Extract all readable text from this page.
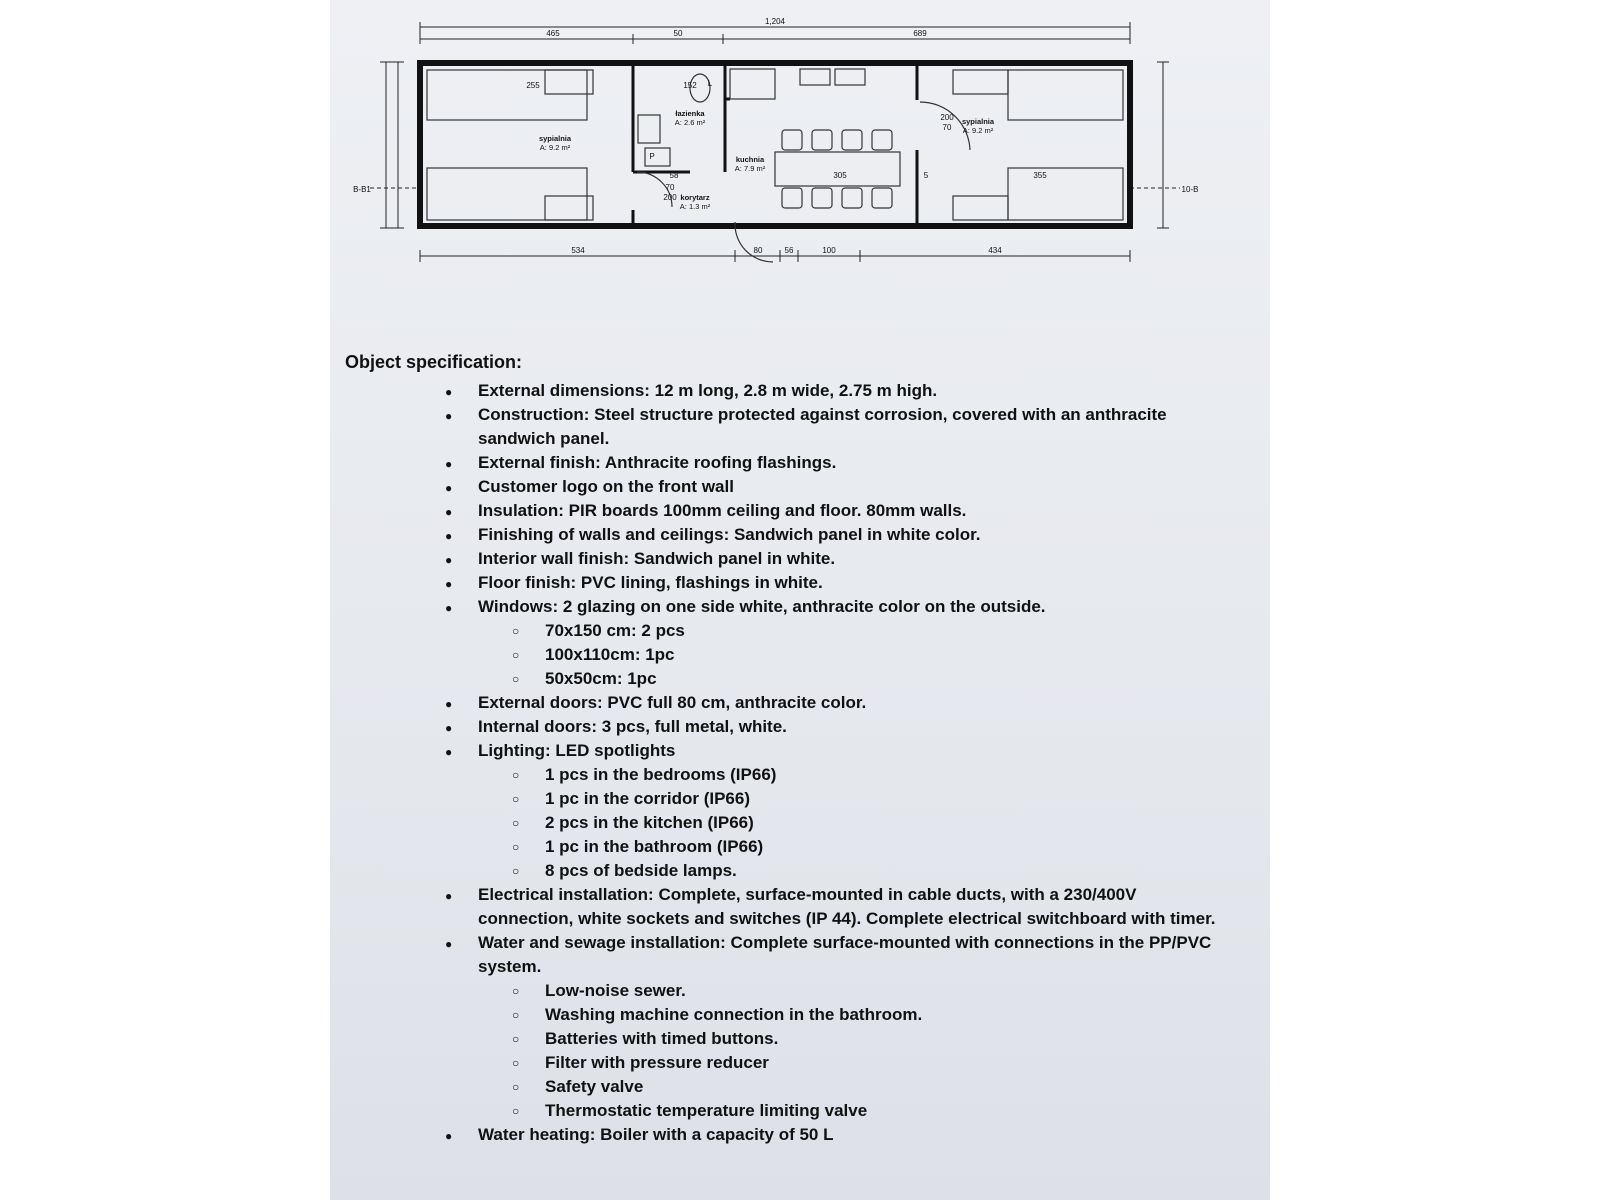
1,204
465	50	689
534	80	56	100	434
B-B1	10-B
255	152
355
305	5
58
70
200
200
70
L
P
sypialnia
A: 9.2 m²
łazienka
A: 2.6 m²
kuchnia
A: 7.9 m²
sypialnia
A: 9.2 m²
korytarz
A: 1.3 m²
Object specification:
● External dimensions: 12 m long, 2.8 m wide, 2.75 m high.
● Construction: Steel structure protected against corrosion, covered with an anthracite sandwich panel.
● External finish: Anthracite roofing flashings.
● Customer logo on the front wall
● Insulation: PIR boards 100mm ceiling and floor. 80mm walls.
● Finishing of walls and ceilings: Sandwich panel in white color.
● Interior wall finish: Sandwich panel in white.
● Floor finish: PVC lining, flashings in white.
● Windows: 2 glazing on one side white, anthracite color on the outside.
○ 70x150 cm: 2 pcs
○ 100x110cm: 1pc
○ 50x50cm: 1pc
● External doors: PVC full 80 cm, anthracite color.
● Internal doors: 3 pcs, full metal, white.
● Lighting: LED spotlights
○ 1 pcs in the bedrooms (IP66)
○ 1 pc in the corridor (IP66)
○ 2 pcs in the kitchen (IP66)
○ 1 pc in the bathroom (IP66)
○ 8 pcs of bedside lamps.
● Electrical installation: Complete, surface-mounted in cable ducts, with a 230/400V connection, white sockets and switches (IP 44). Complete electrical switchboard with timer.
● Water and sewage installation: Complete surface-mounted with connections in the PP/PVC system.
○ Low-noise sewer.
○ Washing machine connection in the bathroom.
○ Batteries with timed buttons.
○ Filter with pressure reducer
○ Safety valve
○ Thermostatic temperature limiting valve
● Water heating: Boiler with a capacity of 50 L
